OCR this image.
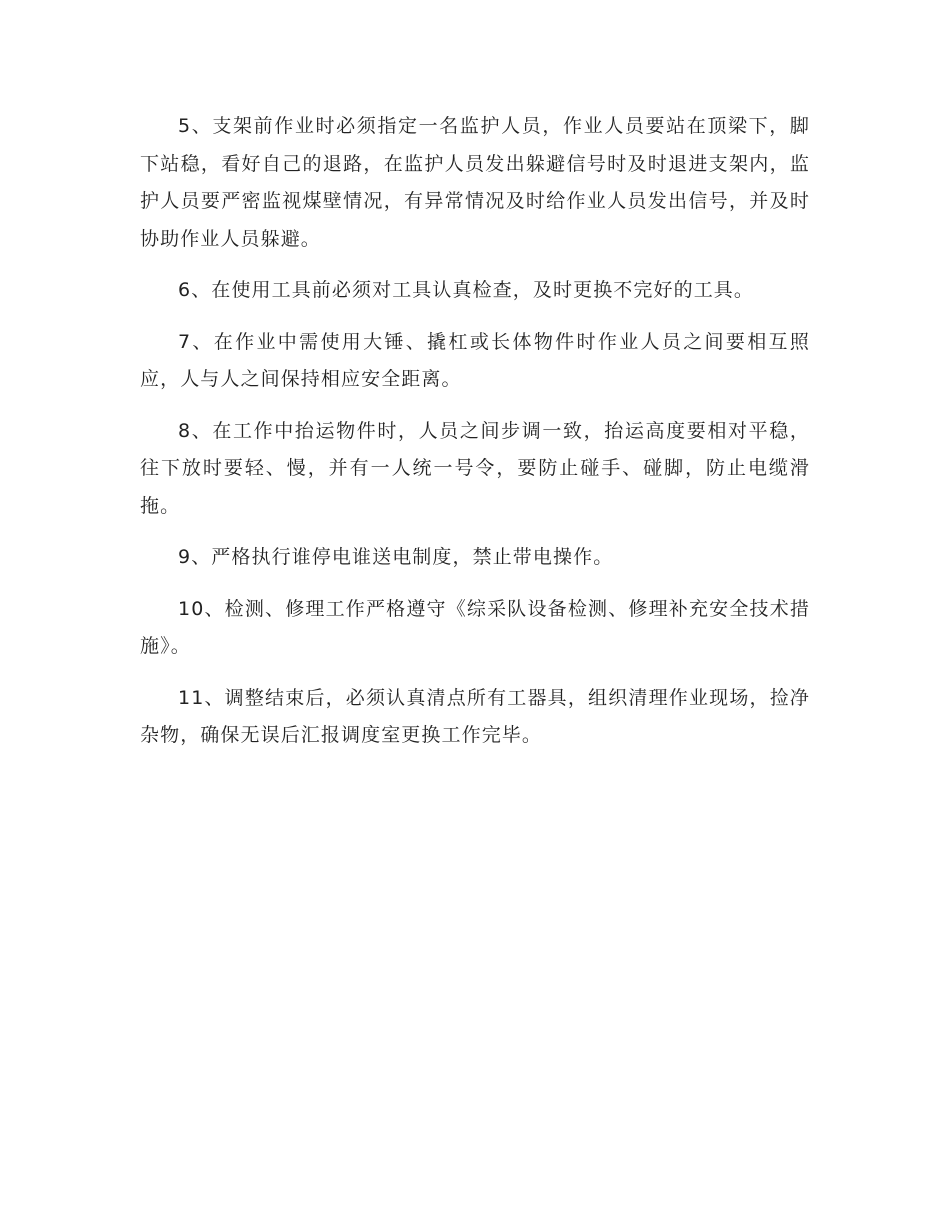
5、支架前作业时必须指定一名监护人员，作业人员要站在顶梁下，脚下站稳，看好自己的退路，在监护人员发出躲避信号时及时退进支架内，监护人员要严密监视煤壁情况，有异常情况及时给作业人员发出信号，并及时协助作业人员躲避。

6、在使用工具前必须对工具认真检查，及时更换不完好的工具。

7、在作业中需使用大锤、撬杠或长体物件时作业人员之间要相互照应，人与人之间保持相应安全距离。

8、在工作中抬运物件时，人员之间步调一致，抬运高度要相对平稳，往下放时要轻、慢，并有一人统一号令，要防止碰手、碰脚，防止电缆滑拖。

9、严格执行谁停电谁送电制度，禁止带电操作。

10、检测、修理工作严格遵守《综采队设备检测、修理补充安全技术措施》。

11、调整结束后，必须认真清点所有工器具，组织清理作业现场，捡净杂物，确保无误后汇报调度室更换工作完毕。
